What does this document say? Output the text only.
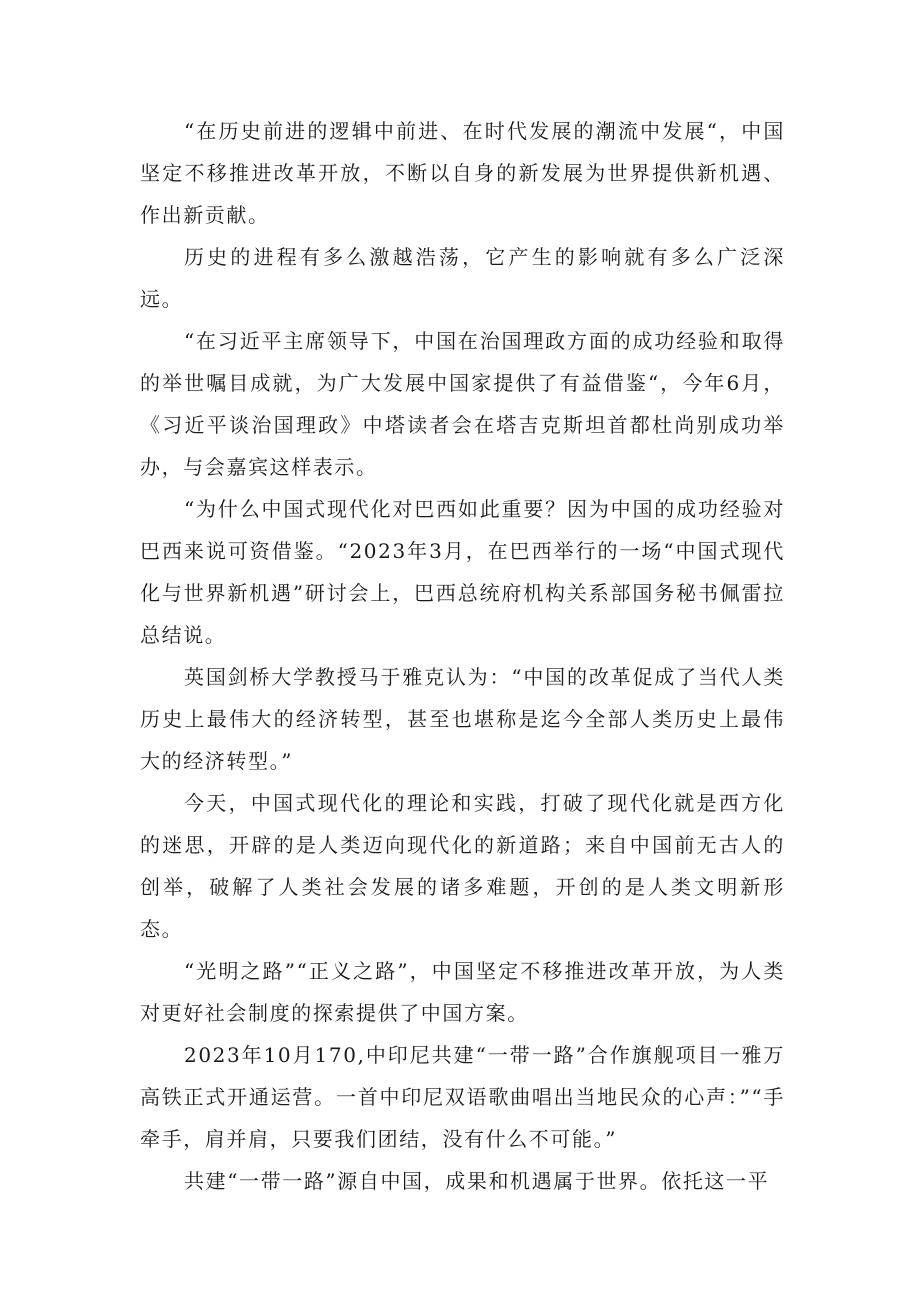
“在历史前进的逻辑中前进、在时代发展的潮流中发展“，中国坚定不移推进改革开放，不断以自身的新发展为世界提供新机遇、作出新贡献。

历史的进程有多么激越浩荡，它产生的影响就有多么广泛深远。

“在习近平主席领导下，中国在治国理政方面的成功经验和取得的举世嘱目成就，为广大发展中国家提供了有益借鉴“，今年6月，《习近平谈治国理政》中塔读者会在塔吉克斯坦首都杜尚别成功举办，与会嘉宾这样表示。

“为什么中国式现代化对巴西如此重要？因为中国的成功经验对巴西来说可资借鉴。“2023年3月，在巴西举行的一场“中国式现代化与世界新机遇”研讨会上，巴西总统府机构关系部国务秘书佩雷拉总结说。

英国剑桥大学教授马于雅克认为：“中国的改革促成了当代人类历史上最伟大的经济转型，甚至也堪称是迄今全部人类历史上最伟大的经济转型。”

今天，中国式现代化的理论和实践，打破了现代化就是西方化的迷思，开辟的是人类迈向现代化的新道路；来自中国前无古人的创举，破解了人类社会发展的诸多难题，开创的是人类文明新形态。

“光明之路”“正义之路”，中国坚定不移推进改革开放，为人类对更好社会制度的探索提供了中国方案。

2023年10月170,中印尼共建“一带一路”合作旗舰项目一雅万高铁正式开通运营。一首中印尼双语歌曲唱出当地民众的心声：”“手牵手，肩并肩，只要我们团结，没有什么不可能。”

共建“一带一路”源自中国，成果和机遇属于世界。依托这一平
